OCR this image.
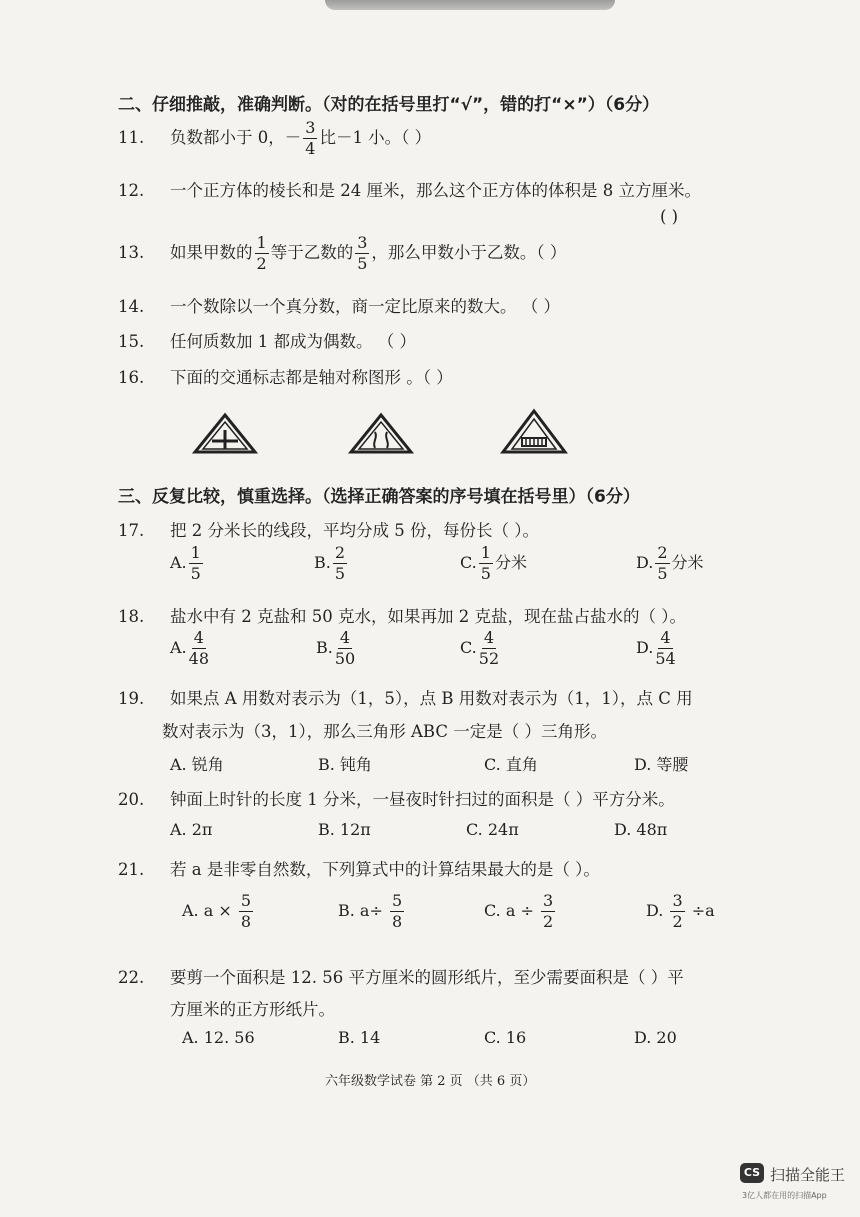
二、仔细推敲，准确判断。（对的在括号里打“√”，错的打“×”）（6分）
11. 负数都小于 0，－ $\frac{3}{4}$ 比－1 小。（ ）
12. 一个正方体的棱长和是 24 厘米，那么这个正方体的体积是 8 立方厘米。
( )
13. 如果甲数的 $\frac{1}{2}$ 等于乙数的 $\frac{3}{5}$ ，那么甲数小于乙数。（ ）
14. 一个数除以一个真分数，商一定比原来的数大。 （ ）
15. 任何质数加 1 都成为偶数。 （ ）
16. 下面的交通标志都是轴对称图形 。（ ）
三、反复比较，慎重选择。（选择正确答案的序号填在括号里）（6分）
17. 把 2 分米长的线段，平均分成 5 份，每份长（ ）。
A. $\frac{1}{5}$	B. $\frac{2}{5}$	C. $\frac{1}{5}$ 分米	D. $\frac{2}{5}$ 分米
18. 盐水中有 2 克盐和 50 克水，如果再加 2 克盐，现在盐占盐水的（ ）。
A. $\frac{4}{48}$	B. $\frac{4}{50}$	C. $\frac{4}{52}$	D. $\frac{4}{54}$
19. 如果点 A 用数对表示为（1，5），点 B 用数对表示为（1，1），点 C 用
数对表示为（3，1），那么三角形 ABC 一定是（ ）三角形。
A. 锐角	B. 钝角	C. 直角	D. 等腰
20. 钟面上时针的长度 1 分米，一昼夜时针扫过的面积是（ ）平方分米。
A. 2π	B. 12π	C. 24π	D. 48π
21. 若 a 是非零自然数，下列算式中的计算结果最大的是（ ）。
A. $a \times \frac{5}{8}$	B. $a\div \frac{5}{8}$	C. $a \div \frac{3}{2}$	D. $\frac{3}{2} \div a$
22. 要剪一个面积是 12. 56 平方厘米的圆形纸片，至少需要面积是（ ）平
方厘米的正方形纸片。
A. 12. 56	B. 14	C. 16	D. 20
六年级数学试卷 第 2 页 （共 6 页）
CS 扫描全能王
3亿人都在用的扫描App
